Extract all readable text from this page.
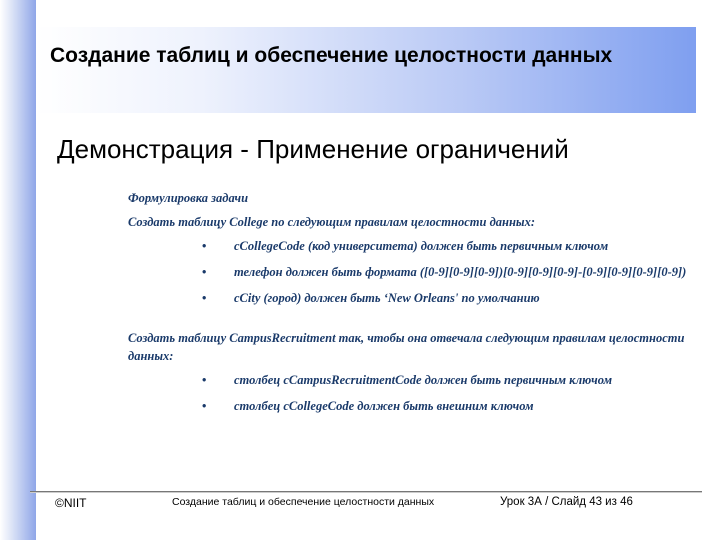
Создание таблиц и обеспечение целостности данных
Демонстрация - Применение ограничений

Формулировка задачи

Создать таблицу College по следующим правилам целостности данных:

• cCollegeCode (код университета) должен быть первичным ключом
• телефон должен быть формата ([0-9][0-9][0-9])[0-9][0-9][0-9]-[0-9][0-9][0-9][0-9])
• cCity (город) должен быть ‘New Orleans' по умолчанию

Создать таблицу CampusRecruitment так, чтобы она отвечала следующим правилам целостности данных:

• столбец cCampusRecruitmentCode должен быть первичным ключом
• столбец cCollegeCode должен быть внешним ключом
©NIIT	Создание таблиц и обеспечение целостности данных	Урок 3А / Слайд 43 из 46
